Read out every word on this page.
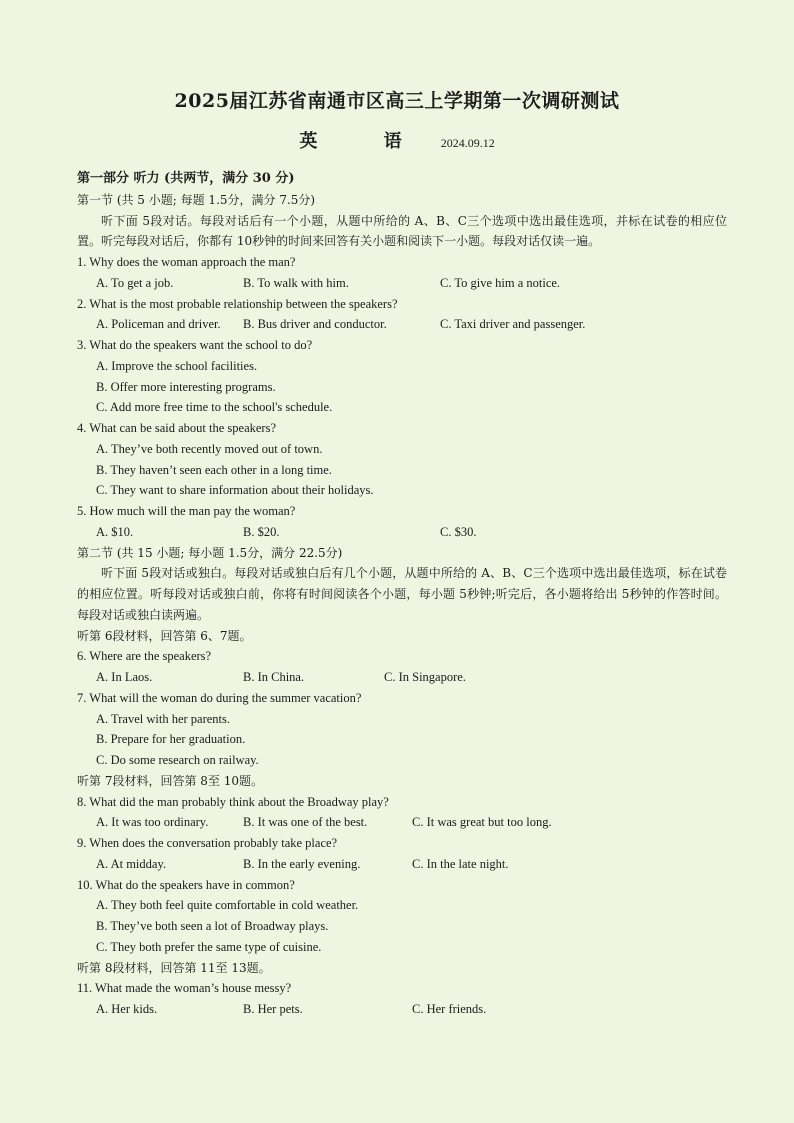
2025届江苏省南通市区高三上学期第一次调研测试
英 语 2024.09.12
第一部分 听力 (共两节，满分 30 分)
第一节 (共 5 小题; 每题 1.5分，满分 7.5分)
听下面 5段对话。每段对话后有一个小题，从题中所给的 A、B、C三个选项中选出最佳选项，并标在试卷的相应位置。听完每段对话后，你都有 10秒钟的时间来回答有关小题和阅读下一小题。每段对话仅读一遍。
1. Why does the woman approach the man?
A. To get a job.	B. To walk with him.	C. To give him a notice.
2. What is the most probable relationship between the speakers?
A. Policeman and driver.	B. Bus driver and conductor.	C. Taxi driver and passenger.
3. What do the speakers want the school to do?
A. Improve the school facilities.
B. Offer more interesting programs.
C. Add more free time to the school's schedule.
4. What can be said about the speakers?
A. They’ve both recently moved out of town.
B. They haven’t seen each other in a long time.
C. They want to share information about their holidays.
5. How much will the man pay the woman?
A. $10.	B. $20.	C. $30.
第二节 (共 15 小题; 每小题 1.5分，满分 22.5分)
听下面 5段对话或独白。每段对话或独白后有几个小题，从题中所给的 A、B、C三个选项中选出最佳选项，标在试卷的相应位置。听每段对话或独白前，你将有时间阅读各个小题，每小题 5秒钟;听完后，各小题将给出 5秒钟的作答时间。每段对话或独白读两遍。
听第 6段材料，回答第 6、7题。
6. Where are the speakers?
A. In Laos.	B. In China.	C. In Singapore.
7. What will the woman do during the summer vacation?
A. Travel with her parents.
B. Prepare for her graduation.
C. Do some research on railway.
听第 7段材料，回答第 8至 10题。
8. What did the man probably think about the Broadway play?
A. It was too ordinary.	B. It was one of the best.	C. It was great but too long.
9. When does the conversation probably take place?
A. At midday.	B. In the early evening.	C. In the late night.
10. What do the speakers have in common?
A. They both feel quite comfortable in cold weather.
B. They’ve both seen a lot of Broadway plays.
C. They both prefer the same type of cuisine.
听第 8段材料，回答第 11至 13题。
11. What made the woman’s house messy?
A. Her kids.	B. Her pets.	C. Her friends.
